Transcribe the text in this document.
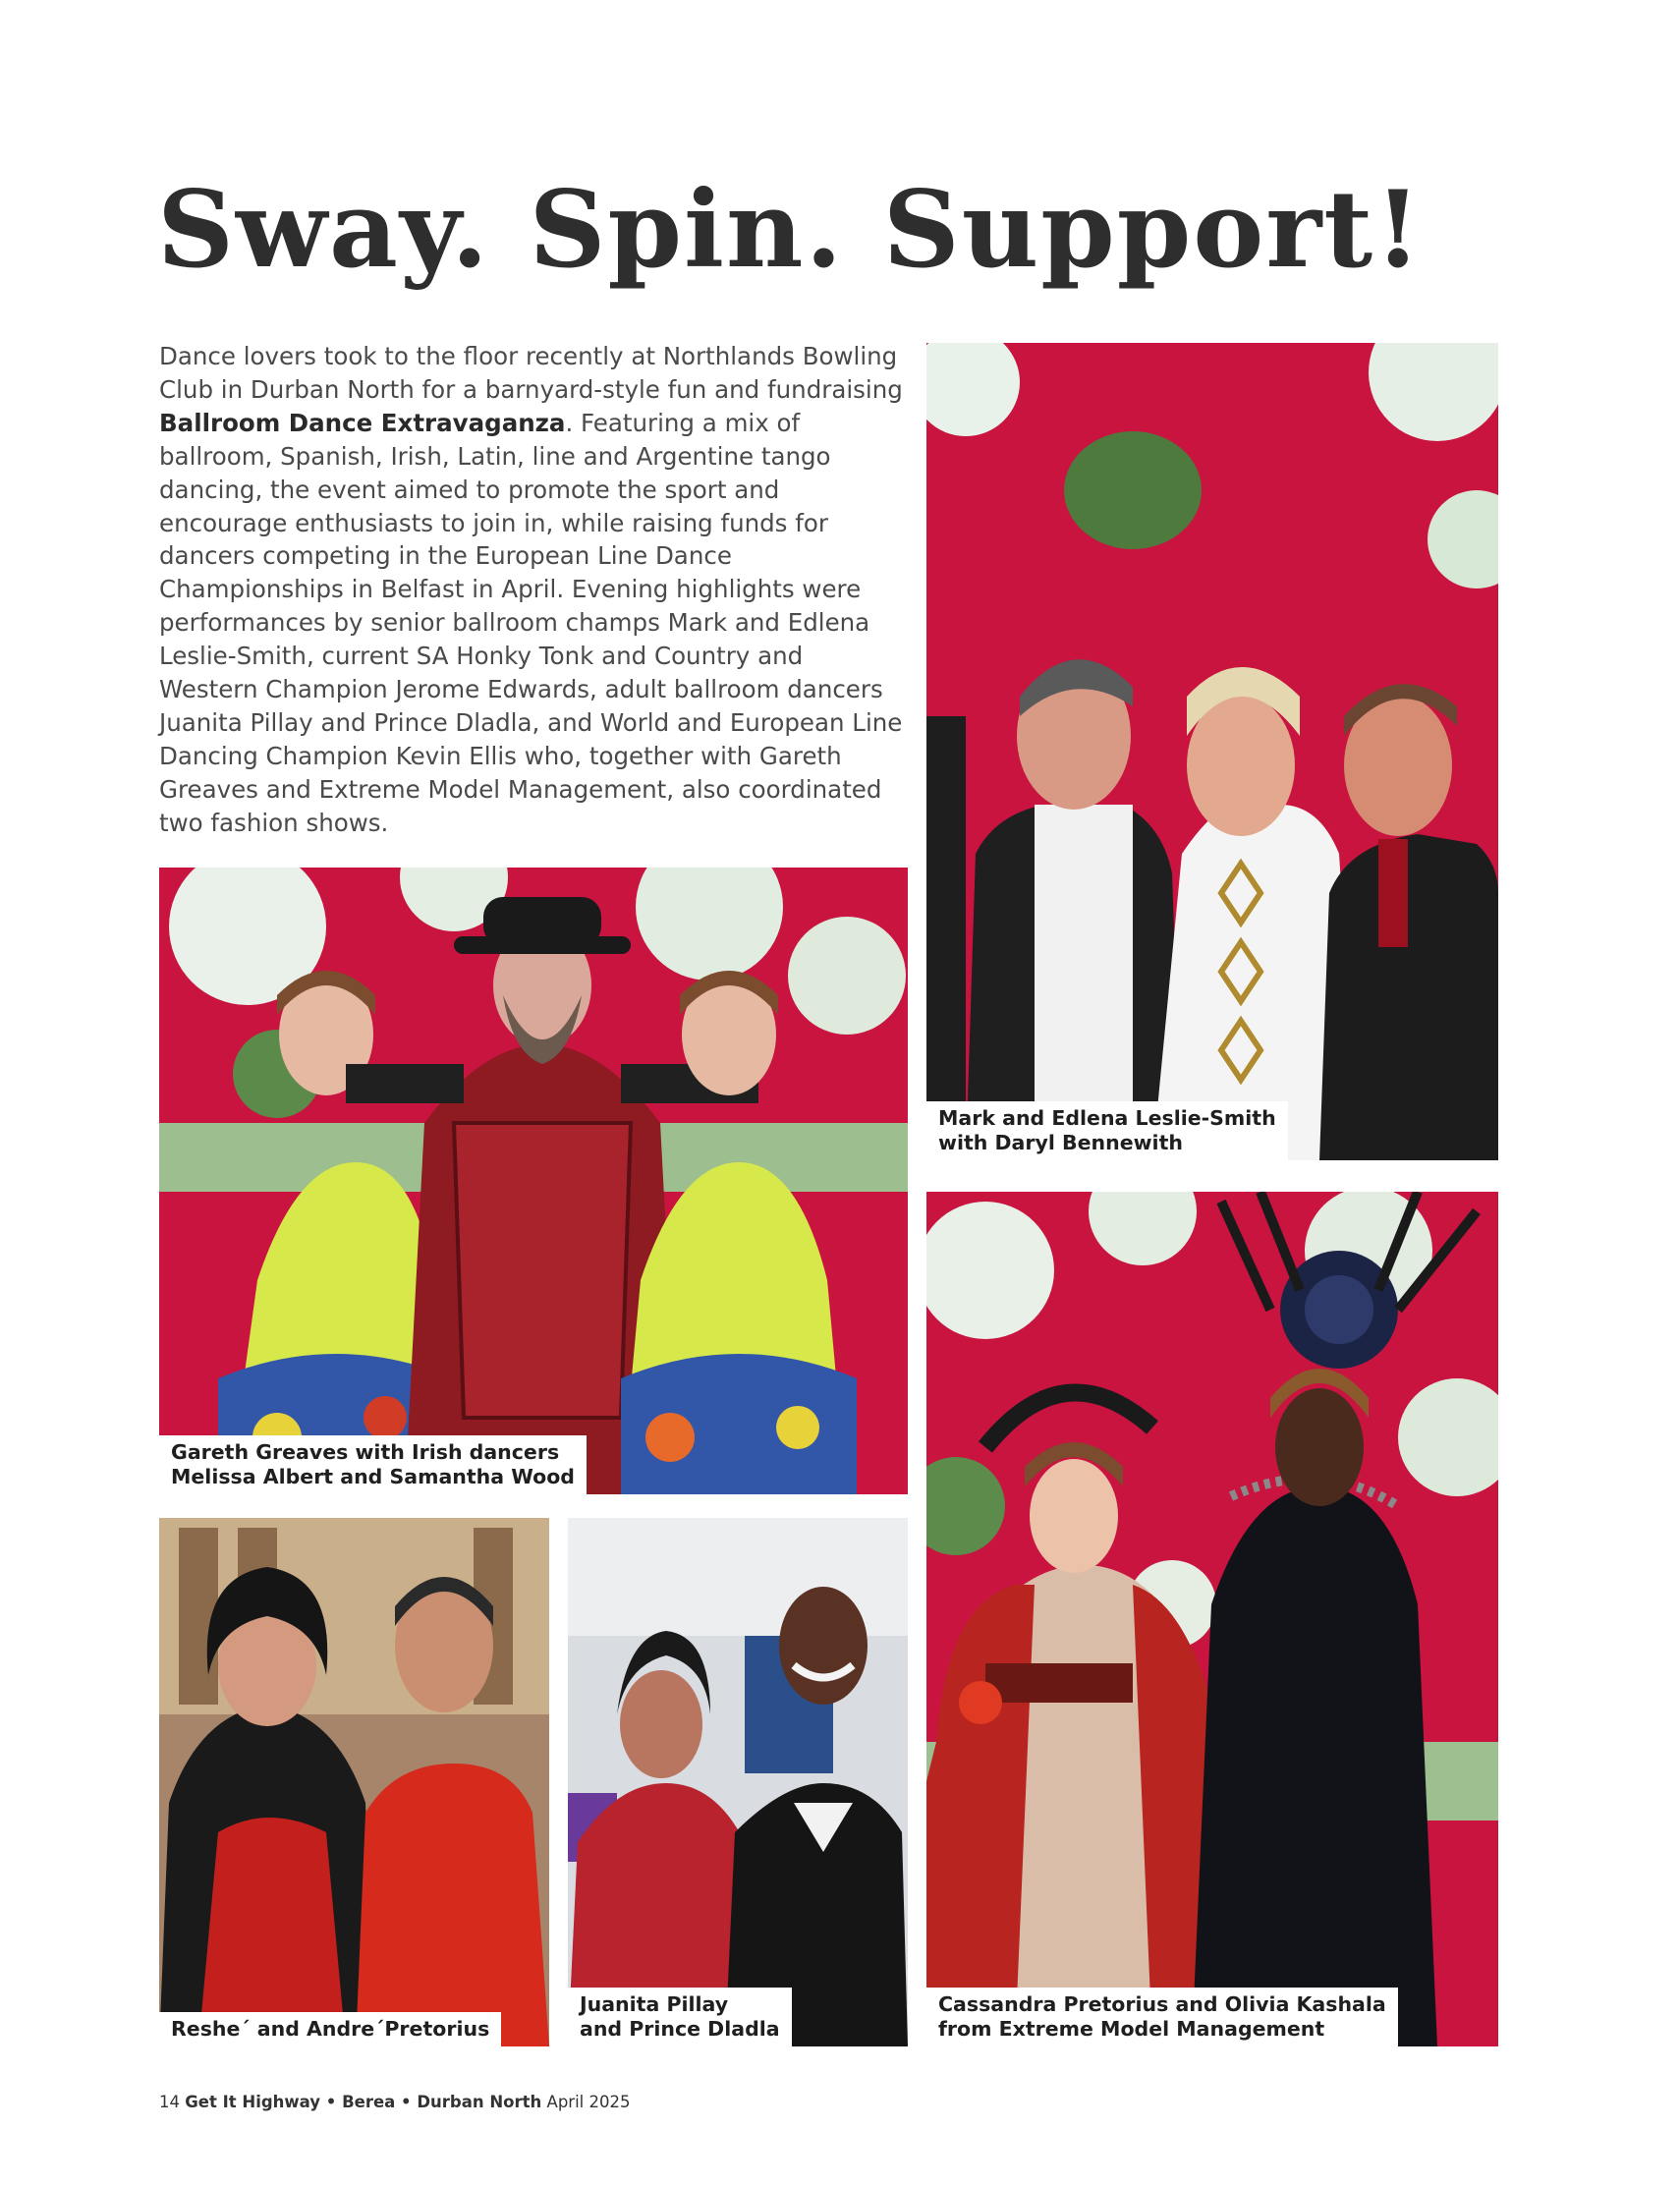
Sway. Spin. Support!

Dance lovers took to the floor recently at Northlands Bowling Club in Durban North for a barnyard-style fun and fundraising Ballroom Dance Extravaganza. Featuring a mix of ballroom, Spanish, Irish, Latin, line and Argentine tango dancing, the event aimed to promote the sport and encourage enthusiasts to join in, while raising funds for dancers competing in the European Line Dance Championships in Belfast in April. Evening highlights were performances by senior ballroom champs Mark and Edlena Leslie-Smith, current SA Honky Tonk and Country and Western Champion Jerome Edwards, adult ballroom dancers Juanita Pillay and Prince Dladla, and World and European Line Dancing Champion Kevin Ellis who, together with Gareth Greaves and Extreme Model Management, also coordinated two fashion shows.

Mark and Edlena Leslie-Smith
with Daryl Bennewith
Gareth Greaves with Irish dancers
Melissa Albert and Samantha Wood
Cassandra Pretorius and Olivia Kashala
from Extreme Model Management
Reshe´ and Andre´Pretorius
Juanita Pillay
and Prince Dladla
14 Get It Highway • Berea • Durban North April 2025
